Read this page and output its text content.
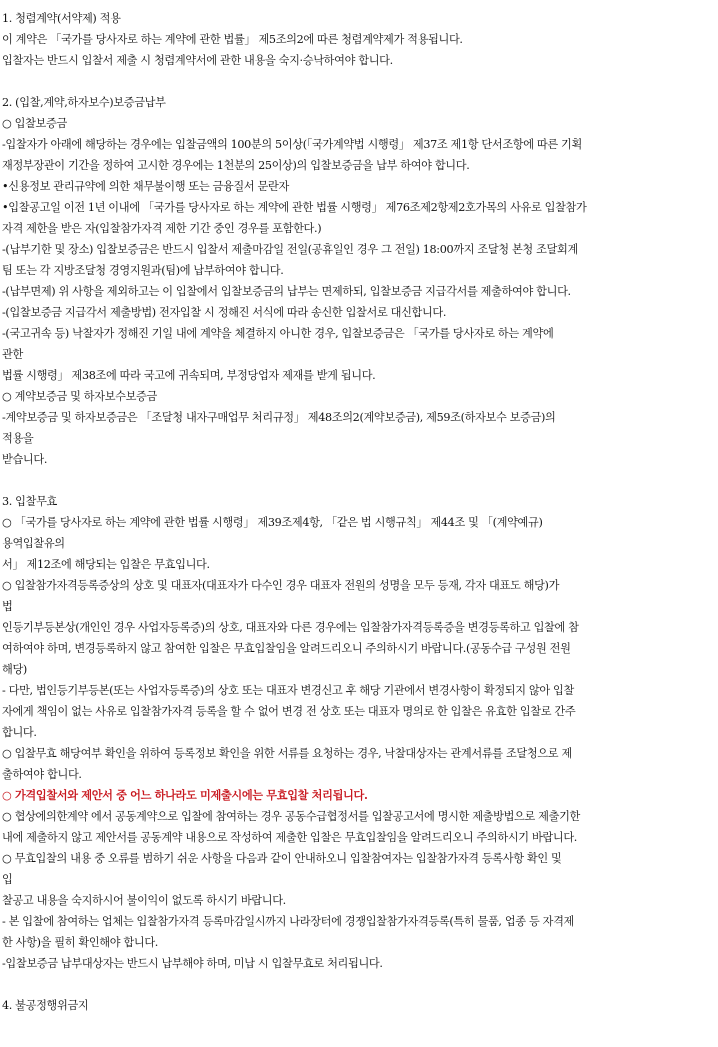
1. 청렴계약(서약제) 적용
이 계약은 「국가를 당사자로 하는 계약에 관한 법률」 제5조의2에 따른 청렴계약제가 적용됩니다.
입찰자는 반드시 입찰서 제출 시 청렴계약서에 관한 내용을 숙지·승낙하여야 합니다.
2. (입찰,계약,하자보수)보증금납부
○ 입찰보증금
-입찰자가 아래에 해당하는 경우에는 입찰금액의 100분의 5이상(「국가계약법 시행령」 제37조 제1항 단서조항에 따른 기획
재정부장관이 기간을 정하여 고시한 경우에는 1천분의 25이상)의 입찰보증금을 납부 하여야 합니다.
•신용정보 관리규약에 의한 채무불이행 또는 금융질서 문란자
•입찰공고일 이전 1년 이내에 「국가를 당사자로 하는 계약에 관한 법률 시행령」 제76조제2항제2호가목의 사유로 입찰참가
자격 제한을 받은 자(입찰참가자격 제한 기간 중인 경우를 포함한다.)
-(납부기한 및 장소) 입찰보증금은 반드시 입찰서 제출마감일 전일(공휴일인 경우 그 전일) 18:00까지 조달청 본청 조달회계
팀 또는 각 지방조달청 경영지원과(팀)에 납부하여야 합니다.
-(납부면제) 위 사항을 제외하고는 이 입찰에서 입찰보증금의 납부는 면제하되, 입찰보증금 지급각서를 제출하여야 합니다.
-(입찰보증금 지급각서 제출방법) 전자입찰 시 정해진 서식에 따라 송신한 입찰서로 대신합니다.
-(국고귀속 등) 낙찰자가 정해진 기일 내에 계약을 체결하지 아니한 경우, 입찰보증금은 「국가를 당사자로 하는 계약에
관한
법률 시행령」 제38조에 따라 국고에 귀속되며, 부정당업자 제재를 받게 됩니다.
○ 계약보증금 및 하자보수보증금
-계약보증금 및 하자보증금은 「조달청 내자구매업무 처리규정」 제48조의2(계약보증금), 제59조(하자보수 보증금)의
적용을
받습니다.
3. 입찰무효
○ 「국가를 당사자로 하는 계약에 관한 법률 시행령」 제39조제4항, 「같은 법 시행규칙」 제44조 및 「(계약예규)
용역입찰유의
서」 제12조에 해당되는 입찰은 무효입니다.
○ 입찰참가자격등록증상의 상호 및 대표자(대표자가 다수인 경우 대표자 전원의 성명을 모두 등재, 각자 대표도 해당)가
법
인등기부등본상(개인인 경우 사업자등록증)의 상호, 대표자와 다른 경우에는 입찰참가자격등록증을 변경등록하고 입찰에 참
여하여야 하며, 변경등록하지 않고 참여한 입찰은 무효입찰임을 알려드리오니 주의하시기 바랍니다.(공동수급 구성원 전원
해당)
- 다만, 법인등기부등본(또는 사업자등록증)의 상호 또는 대표자 변경신고 후 해당 기관에서 변경사항이 확정되지 않아 입찰
자에게 책임이 없는 사유로 입찰참가자격 등록을 할 수 없어 변경 전 상호 또는 대표자 명의로 한 입찰은 유효한 입찰로 간주
합니다.
○ 입찰무효 해당여부 확인을 위하여 등록정보 확인을 위한 서류를 요청하는 경우, 낙찰대상자는 관계서류를 조달청으로 제
출하여야 합니다.
○ 가격입찰서와 제안서 중 어느 하나라도 미제출시에는 무효입찰 처리됩니다.
○ 협상에의한계약 에서 공동계약으로 입찰에 참여하는 경우 공동수급협정서를 입찰공고서에 명시한 제출방법으로 제출기한
내에 제출하지 않고 제안서를 공동계약 내용으로 작성하여 제출한 입찰은 무효입찰임을 알려드리오니 주의하시기 바랍니다.
○ 무효입찰의 내용 중 오류를 범하기 쉬운 사항을 다음과 같이 안내하오니 입찰참여자는 입찰참가자격 등록사항 확인 및
입
찰공고 내용을 숙지하시어 불이익이 없도록 하시기 바랍니다.
- 본 입찰에 참여하는 업체는 입찰참가자격 등록마감일시까지 나라장터에 경쟁입찰참가자격등록(특히 물품, 업종 등 자격제
한 사항)을 필히 확인해야 합니다.
-입찰보증금 납부대상자는 반드시 납부해야 하며, 미납 시 입찰무효로 처리됩니다.
4. 불공정행위금지
